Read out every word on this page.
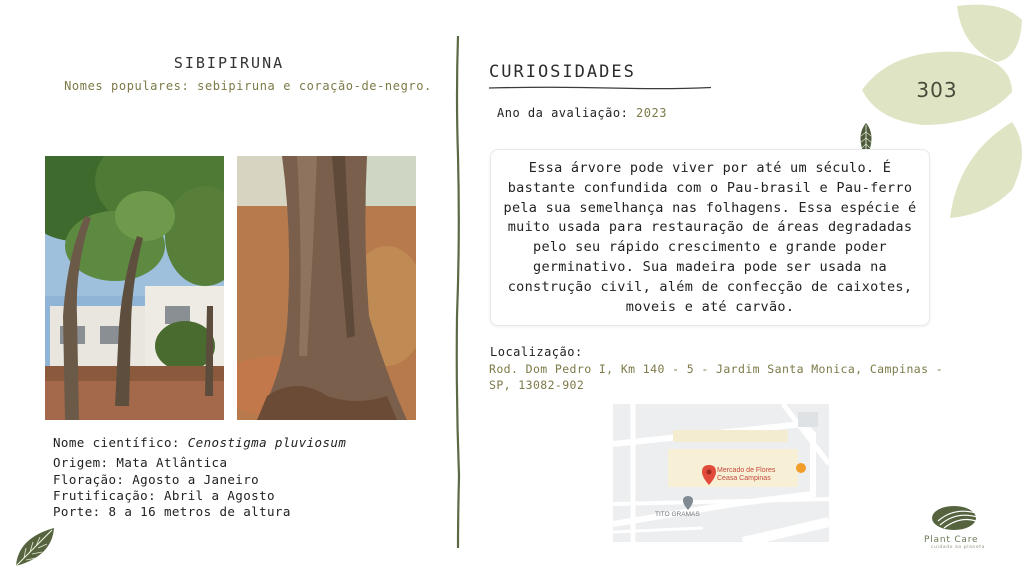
SIBIPIRUNA
Nomes populares: sebipiruna e coração-de-negro.
Nome científico: Cenostigma pluviosum
Origem: Mata Atlântica
Floração: Agosto a Janeiro
Frutificação: Abril a Agosto
Porte: 8 a 16 metros de altura
CURIOSIDADES
Ano da avaliação: 2023
Essa árvore pode viver por até um século. É bastante confundida com o Pau-brasil e Pau-ferro pela sua semelhança nas folhagens. Essa espécie é muito usada para restauração de áreas degradadas pelo seu rápido crescimento e grande poder germinativo. Sua madeira pode ser usada na construção civil, além de confecção de caixotes, moveis e até carvão.
Localização:
Rod. Dom Pedro I, Km 140 - 5 - Jardim Santa Monica, Campinas - SP, 13082-902
Mercado de Flores
Ceasa Campinas
TITO GRAMAS
303
Plant Care
cuidado ao planeta
